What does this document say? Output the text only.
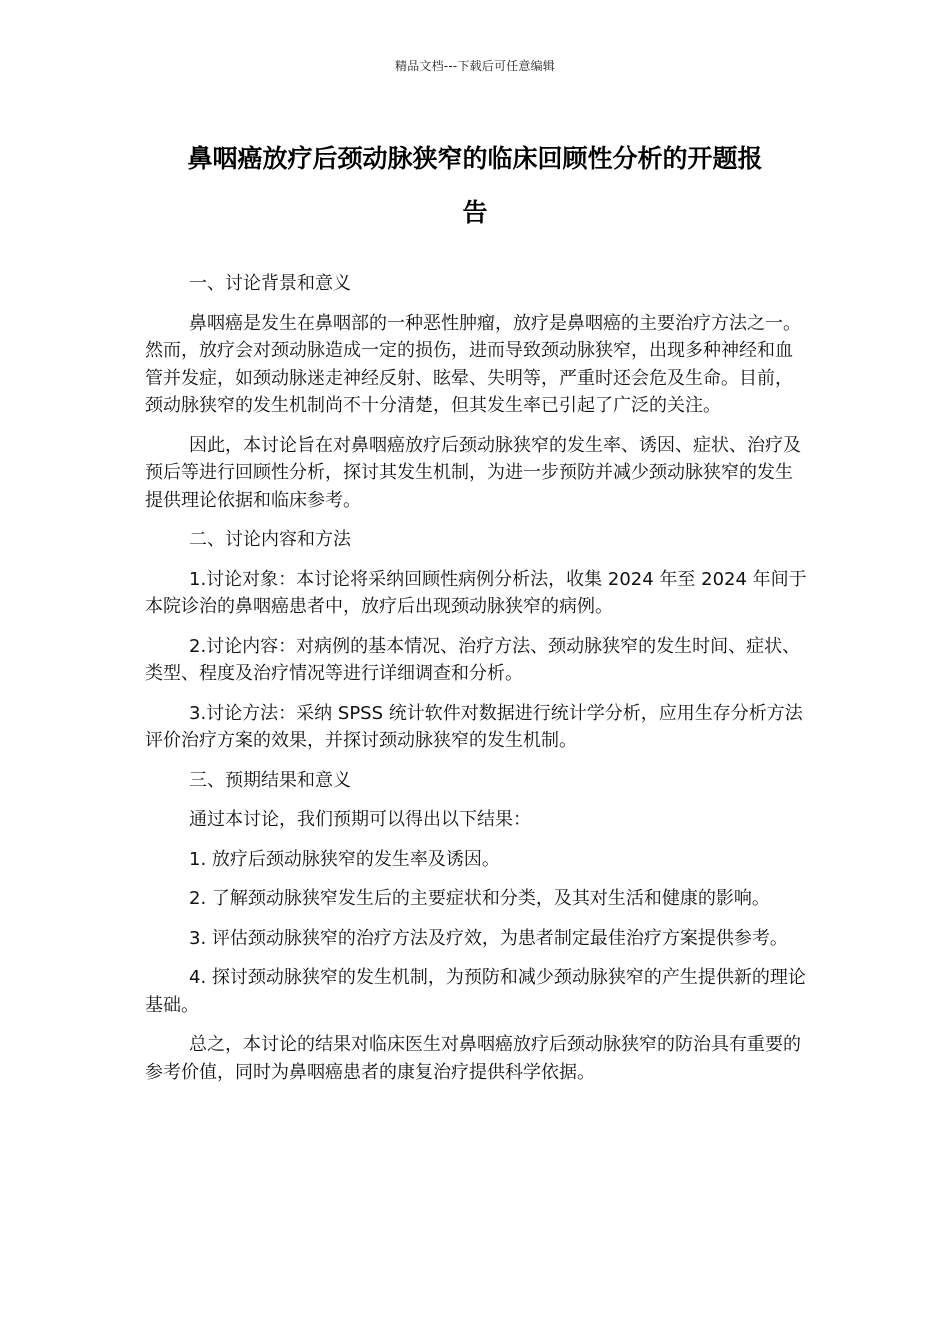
精品文档---下载后可任意编辑
鼻咽癌放疗后颈动脉狭窄的临床回顾性分析的开题报
告

一、讨论背景和意义

鼻咽癌是发生在鼻咽部的一种恶性肿瘤，放疗是鼻咽癌的主要治疗方法之一。然而，放疗会对颈动脉造成一定的损伤，进而导致颈动脉狭窄，出现多种神经和血管并发症，如颈动脉迷走神经反射、眩晕、失明等，严重时还会危及生命。目前，颈动脉狭窄的发生机制尚不十分清楚，但其发生率已引起了广泛的关注。

因此，本讨论旨在对鼻咽癌放疗后颈动脉狭窄的发生率、诱因、症状、治疗及预后等进行回顾性分析，探讨其发生机制，为进一步预防并减少颈动脉狭窄的发生提供理论依据和临床参考。

二、讨论内容和方法

1.讨论对象：本讨论将采纳回顾性病例分析法，收集 2024 年至 2024 年间于本院诊治的鼻咽癌患者中，放疗后出现颈动脉狭窄的病例。

2.讨论内容：对病例的基本情况、治疗方法、颈动脉狭窄的发生时间、症状、类型、程度及治疗情况等进行详细调查和分析。

3.讨论方法：采纳 SPSS 统计软件对数据进行统计学分析，应用生存分析方法评价治疗方案的效果，并探讨颈动脉狭窄的发生机制。

三、预期结果和意义

通过本讨论，我们预期可以得出以下结果：

1. 放疗后颈动脉狭窄的发生率及诱因。

2. 了解颈动脉狭窄发生后的主要症状和分类，及其对生活和健康的影响。

3. 评估颈动脉狭窄的治疗方法及疗效，为患者制定最佳治疗方案提供参考。

4. 探讨颈动脉狭窄的发生机制，为预防和减少颈动脉狭窄的产生提供新的理论基础。

总之，本讨论的结果对临床医生对鼻咽癌放疗后颈动脉狭窄的防治具有重要的参考价值，同时为鼻咽癌患者的康复治疗提供科学依据。
